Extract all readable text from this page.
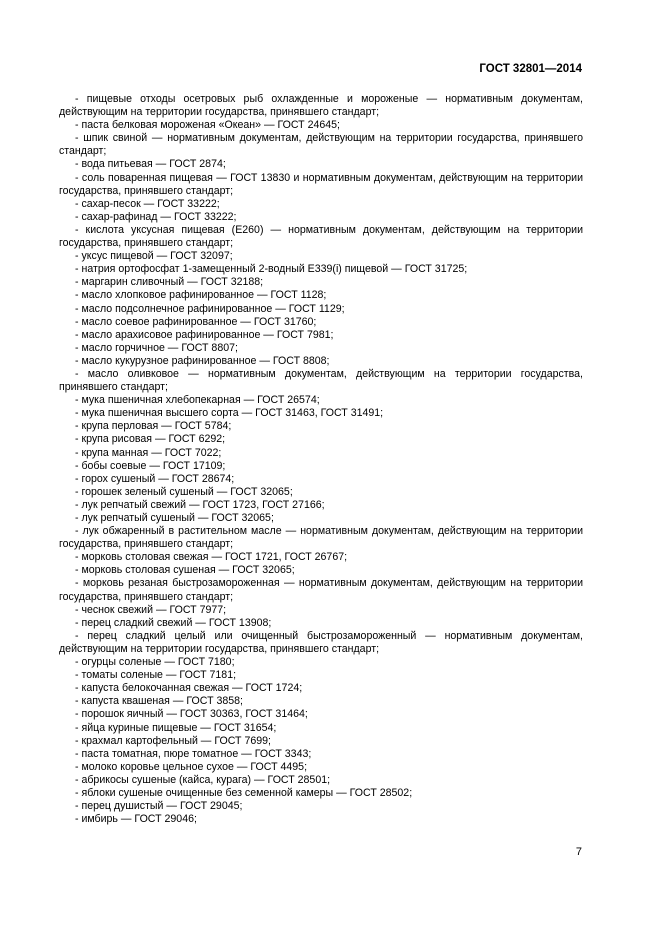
ГОСТ 32801—2014

- пищевые отходы осетровых рыб охлажденные и мороженые — нормативным документам, действующим на территории государства, принявшего стандарт;

- паста белковая мороженая «Океан» — ГОСТ 24645;

- шпик свиной — нормативным документам, действующим на территории государства, принявшего стандарт;

- вода питьевая — ГОСТ 2874;

- соль поваренная пищевая — ГОСТ 13830 и нормативным документам, действующим на территории государства, принявшего стандарт;

- сахар-песок — ГОСТ 33222;

- сахар-рафинад — ГОСТ 33222;

- кислота уксусная пищевая (Е260) — нормативным документам, действующим на территории государства, принявшего стандарт;

- уксус пищевой — ГОСТ 32097;

- натрия ортофосфат 1-замещенный 2-водный Е339(i) пищевой — ГОСТ 31725;

- маргарин сливочный — ГОСТ 32188;

- масло хлопковое рафинированное — ГОСТ 1128;

- масло подсолнечное рафинированное — ГОСТ 1129;

- масло соевое рафинированное — ГОСТ 31760;

- масло арахисовое рафинированное — ГОСТ 7981;

- масло горчичное — ГОСТ 8807;

- масло кукурузное рафинированное — ГОСТ 8808;

- масло оливковое — нормативным документам, действующим на территории государства, принявшего стандарт;

- мука пшеничная хлебопекарная — ГОСТ 26574;

- мука пшеничная высшего сорта — ГОСТ 31463, ГОСТ 31491;

- крупа перловая — ГОСТ 5784;

- крупа рисовая — ГОСТ 6292;

- крупа манная — ГОСТ 7022;

- бобы соевые — ГОСТ 17109;

- горох сушеный — ГОСТ 28674;

- горошек зеленый сушеный — ГОСТ 32065;

- лук репчатый свежий — ГОСТ 1723, ГОСТ 27166;

- лук репчатый сушеный — ГОСТ 32065;

- лук обжаренный в растительном масле — нормативным документам, действующим на территории государства, принявшего стандарт;

- морковь столовая свежая — ГОСТ 1721, ГОСТ 26767;

- морковь столовая сушеная — ГОСТ 32065;

- морковь резаная быстрозамороженная — нормативным документам, действующим на территории государства, принявшего стандарт;

- чеснок свежий — ГОСТ 7977;

- перец сладкий свежий — ГОСТ 13908;

- перец сладкий целый или очищенный быстрозамороженный — нормативным документам, действующим на территории государства, принявшего стандарт;

- огурцы соленые — ГОСТ 7180;

- томаты соленые — ГОСТ 7181;

- капуста белокочанная свежая — ГОСТ 1724;

- капуста квашеная — ГОСТ 3858;

- порошок яичный — ГОСТ 30363, ГОСТ 31464;

- яйца куриные пищевые — ГОСТ 31654;

- крахмал картофельный — ГОСТ 7699;

- паста томатная, пюре томатное — ГОСТ 3343;

- молоко коровье цельное сухое — ГОСТ 4495;

- абрикосы сушеные (кайса, курага) — ГОСТ 28501;

- яблоки сушеные очищенные без семенной камеры — ГОСТ 28502;

- перец душистый — ГОСТ 29045;

- имбирь — ГОСТ 29046;

7
